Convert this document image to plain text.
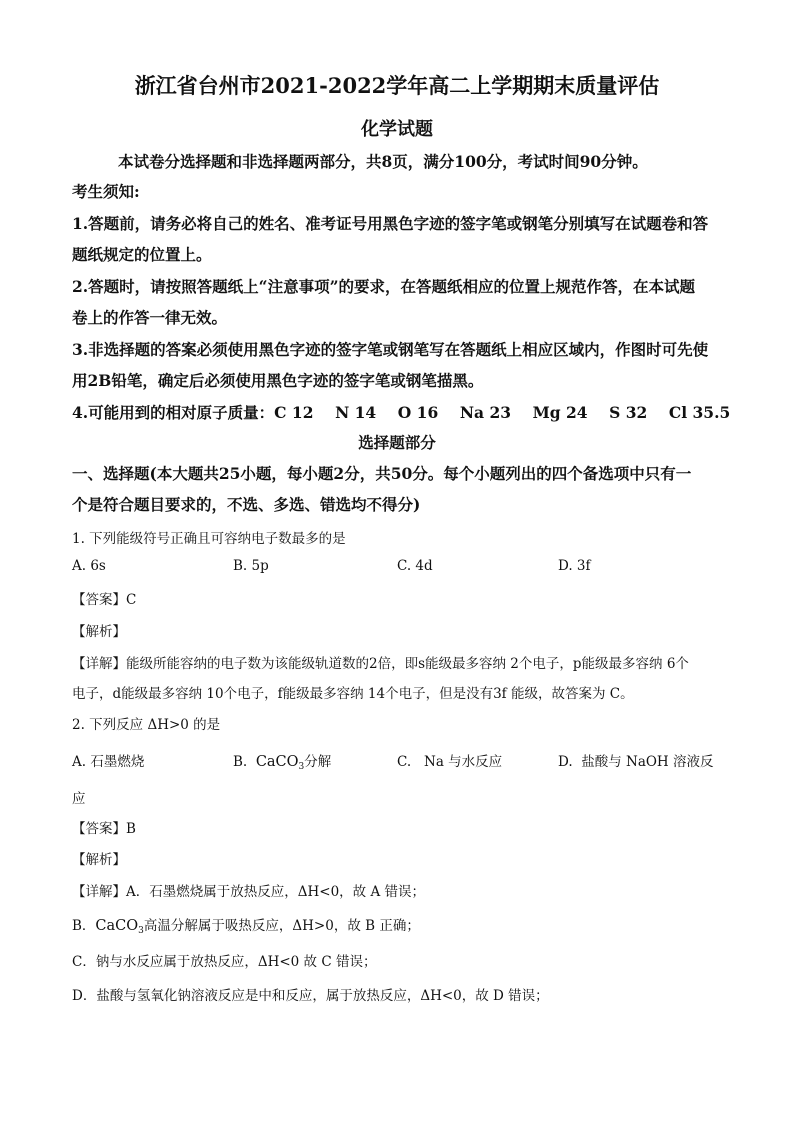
浙江省台州市2021-2022学年高二上学期期末质量评估
化学试题
本试卷分选择题和非选择题两部分，共8页，满分100分，考试时间90分钟。
考生须知:
1.答题前，请务必将自己的姓名、准考证号用黑色字迹的签字笔或钢笔分别填写在试题卷和答
题纸规定的位置上。
2.答题时，请按照答题纸上“注意事项”的要求，在答题纸相应的位置上规范作答，在本试题
卷上的作答一律无效。
3.非选择题的答案必须使用黑色字迹的签字笔或钢笔写在答题纸上相应区域内，作图时可先使
用2B铅笔，确定后必须使用黑色字迹的签字笔或钢笔描黑。
4.可能用到的相对原子质量：C 12    N 14    O 16    Na 23    Mg 24    S 32    Cl 35.5
选择题部分
一、选择题(本大题共25小题，每小题2分，共50分。每个小题列出的四个备选项中只有一
个是符合题目要求的，不选、多选、错选均不得分)
1. 下列能级符号正确且可容纳电子数最多的是
A. 6s	B. 5p	C. 4d	D. 3f
【答案】C
【解析】
【详解】能级所能容纳的电子数为该能级轨道数的2倍，即s能级最多容纳 2个电子，p能级最多容纳 6个
电子，d能级最多容纳 10个电子，f能级最多容纳 14个电子，但是没有3f 能级，故答案为 C。
2. 下列反应 ΔH>0 的是
A. 石墨燃烧	B. CaCO$_3$分解	C.   Na 与水反应	D.  盐酸与 NaOH 溶液反
应
【答案】B
【解析】
【详解】A．石墨燃烧属于放热反应，ΔH<0，故 A 错误；
B．CaCO$_3$高温分解属于吸热反应，ΔH>0，故 B 正确；
C．钠与水反应属于放热反应，ΔH<0 故 C 错误；
D．盐酸与氢氧化钠溶液反应是中和反应，属于放热反应，ΔH<0，故 D 错误；
